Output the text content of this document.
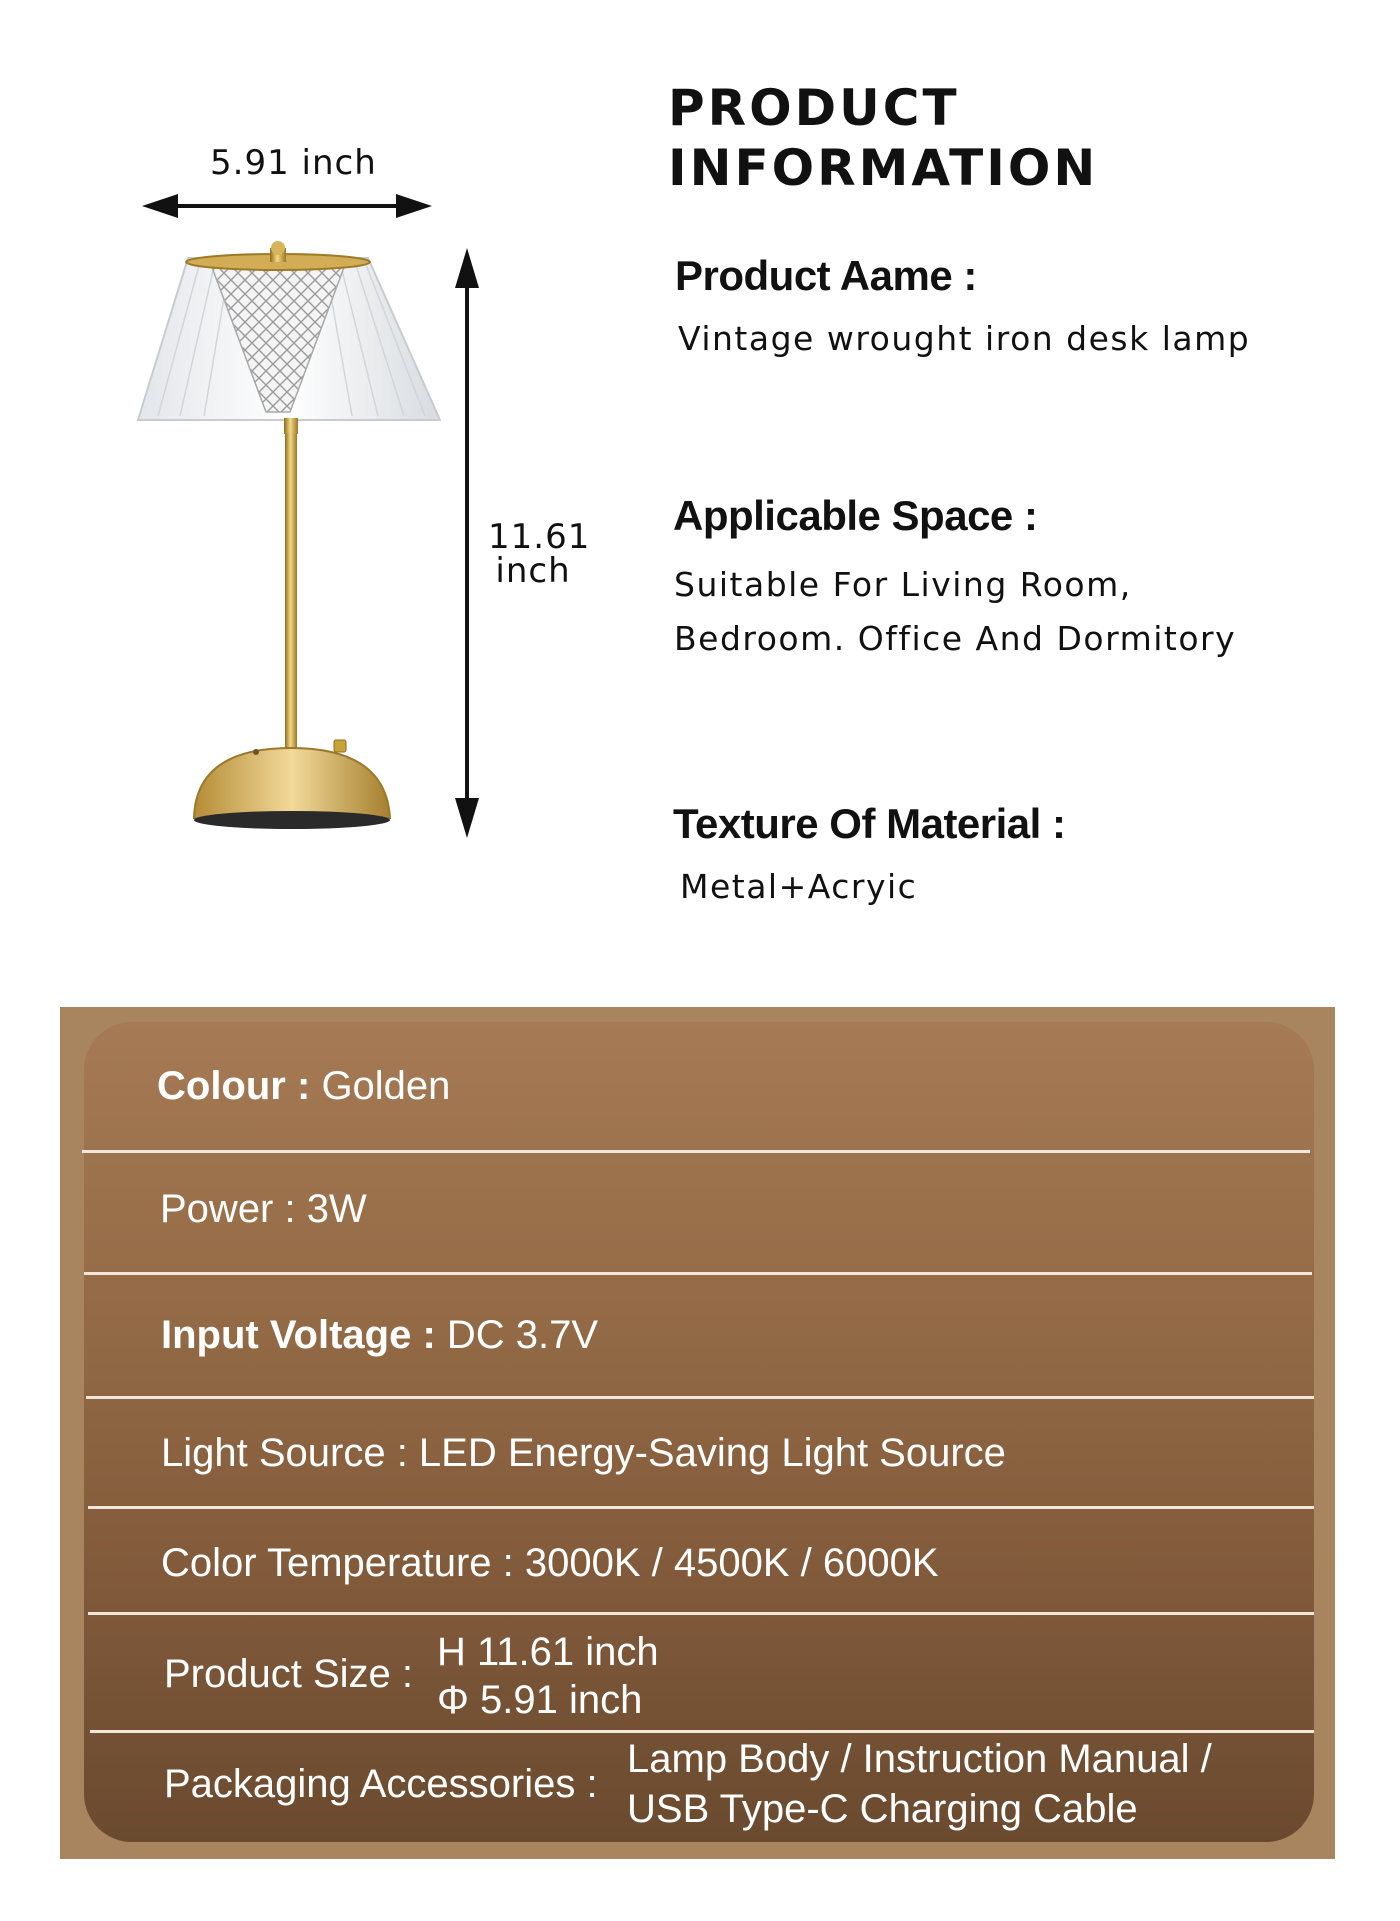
5.91 inch
11.61
inch
PRODUCT
INFORMATION
Product Aame :
Vintage wrought iron desk lamp
Applicable Space :
Suitable For Living Room,
Bedroom. Office And Dormitory
Texture Of Material :
Metal+Acryic
Colour : Golden
Power : 3W
Input Voltage : DC 3.7V
Light Source : LED Energy-Saving Light Source
Color Temperature : 3000K / 4500K / 6000K
Product Size : H 11.61 inch
Φ 5.91 inch
Packaging Accessories :
Lamp Body / Instruction Manual /
USB Type-C Charging Cable
